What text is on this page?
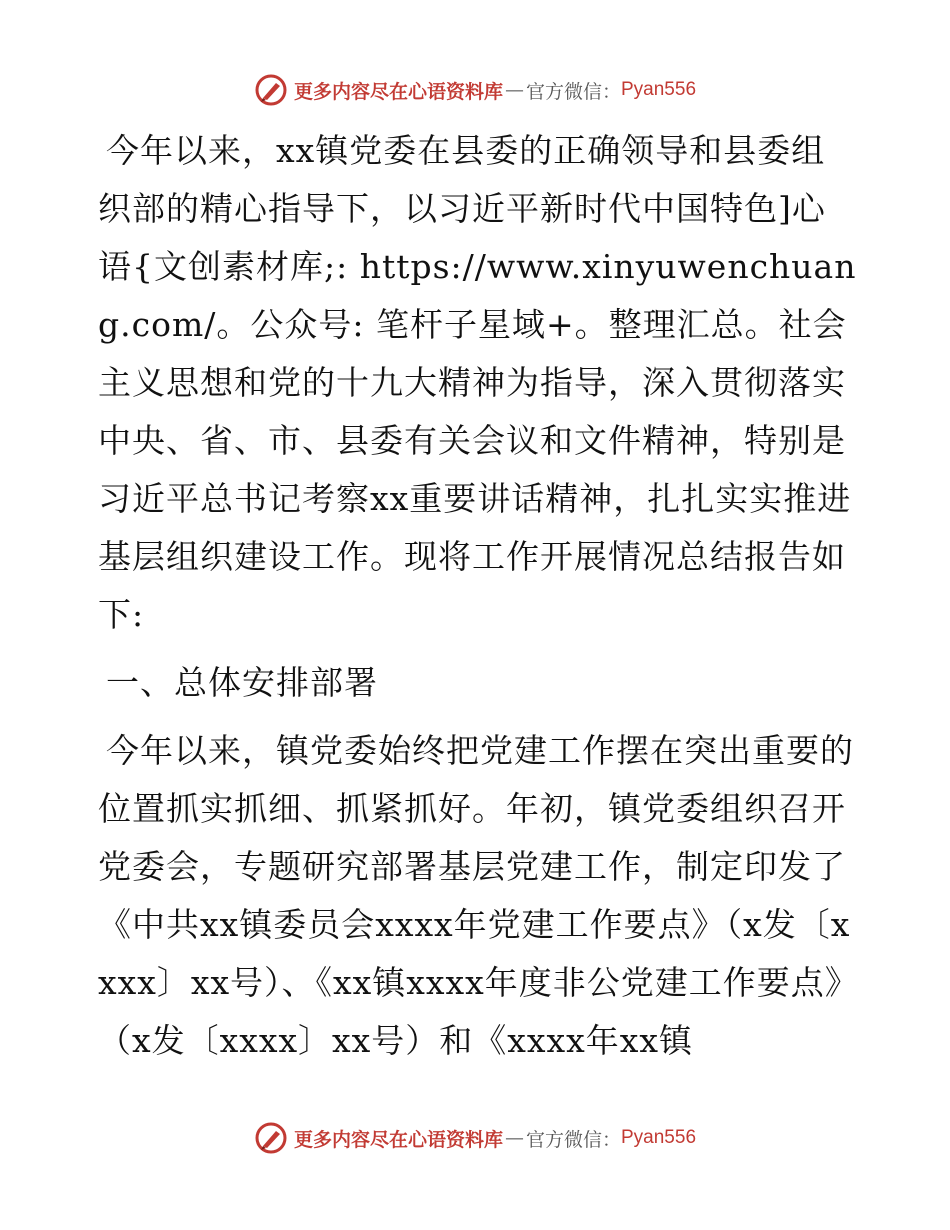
更多内容尽在心语资料库 — 官方微信： Pyan556

今年以来，xx镇党委在县委的正确领导和县委组织部的精心指导下，以习近平新时代中国特色]心语{文创素材库;: https://www.xinyuwenchuang.com/。公众号: 笔杆子星域+。整理汇总。社会主义思想和党的十九大精神为指导，深入贯彻落实中央、省、市、县委有关会议和文件精神，特别是习近平总书记考察xx重要讲话精神，扎扎实实推进基层组织建设工作。现将工作开展情况总结报告如下:

一、总体安排部署

今年以来，镇党委始终把党建工作摆在突出重要的位置抓实抓细、抓紧抓好。年初，镇党委组织召开党委会，专题研究部署基层党建工作，制定印发了《中共xx镇委员会xxxx年党建工作要点》（x发〔xxxx〕xx号）、《xx镇xxxx年度非公党建工作要点》（x发〔xxxx〕xx号）和《xxxx年xx镇

更多内容尽在心语资料库 — 官方微信： Pyan556
